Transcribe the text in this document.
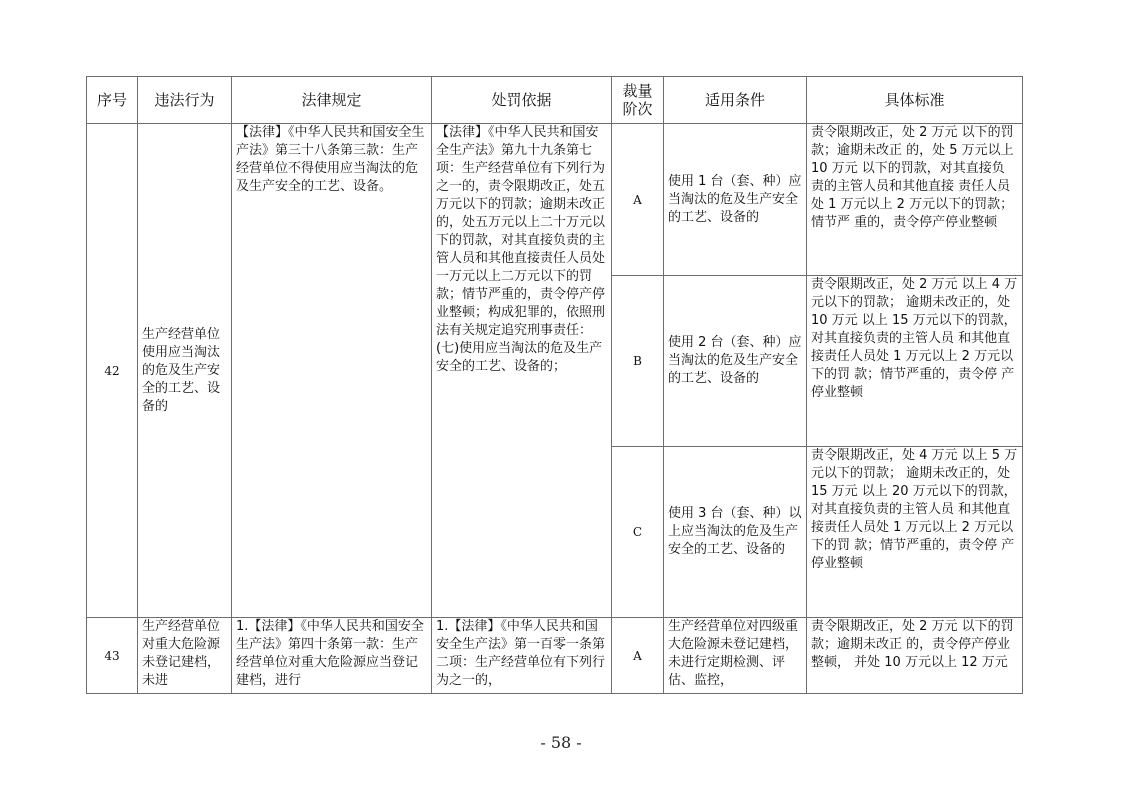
序号	违法行为	法律规定	处罚依据	裁量阶次	适用条件	具体标准
42	生产经营单位使用应当淘汰的危及生产安全的工艺、设备的	【法律】《中华人民共和国安全生产法》第三十八条第三款：生产经营单位不得使用应当淘汰的危及生产安全的工艺、设备。	【法律】《中华人民共和国安全生产法》第九十九条第七项：生产经营单位有下列行为之一的，责令限期改正，处五万元以下的罚款；逾期未改正的，处五万元以上二十万元以下的罚款，对其直接负责的主管人员和其他直接责任人员处一万元以上二万元以下的罚款；情节严重的，责令停产停业整顿；构成犯罪的，依照刑法有关规定追究刑事责任：(七)使用应当淘汰的危及生产安全的工艺、设备的；	A	使用 1 台（套、种）应当淘汰的危及生产安全的工艺、设备的	责令限期改正，处 2 万元 以下的罚款；逾期未改正 的，处 5 万元以上 10 万元 以下的罚款，对其直接负 责的主管人员和其他直接 责任人员处 1 万元以上 2 万元以下的罚款；情节严 重的，责令停产停业整顿
				B	使用 2 台（套、种）应当淘汰的危及生产安全的工艺、设备的	责令限期改正，处 2 万元 以上 4 万元以下的罚款； 逾期未改正的，处 10 万元 以上 15 万元以下的罚款，对其直接负责的主管人员 和其他直接责任人员处 1 万元以上 2 万元以下的罚 款；情节严重的，责令停 产停业整顿
				C	使用 3 台（套、种）以上应当淘汰的危及生产安全的工艺、设备的	责令限期改正，处 4 万元 以上 5 万元以下的罚款； 逾期未改正的，处 15 万元 以上 20 万元以下的罚款，对其直接负责的主管人员 和其他直接责任人员处 1 万元以上 2 万元以下的罚 款；情节严重的，责令停 产停业整顿
43	生产经营单位对重大危险源未登记建档，未进	1.【法律】《中华人民共和国安全生产法》第四十条第一款：生产经营单位对重大危险源应当登记建档，进行	1.【法律】《中华人民共和国安全生产法》第一百零一条第二项：生产经营单位有下列行为之一的，	A	生产经营单位对四级重大危险源未登记建档，未进行定期检测、评估、监控，	责令限期改正，处 2 万元 以下的罚款；逾期未改正 的，责令停产停业整顿， 并处 10 万元以上 12 万元
- 58 -
